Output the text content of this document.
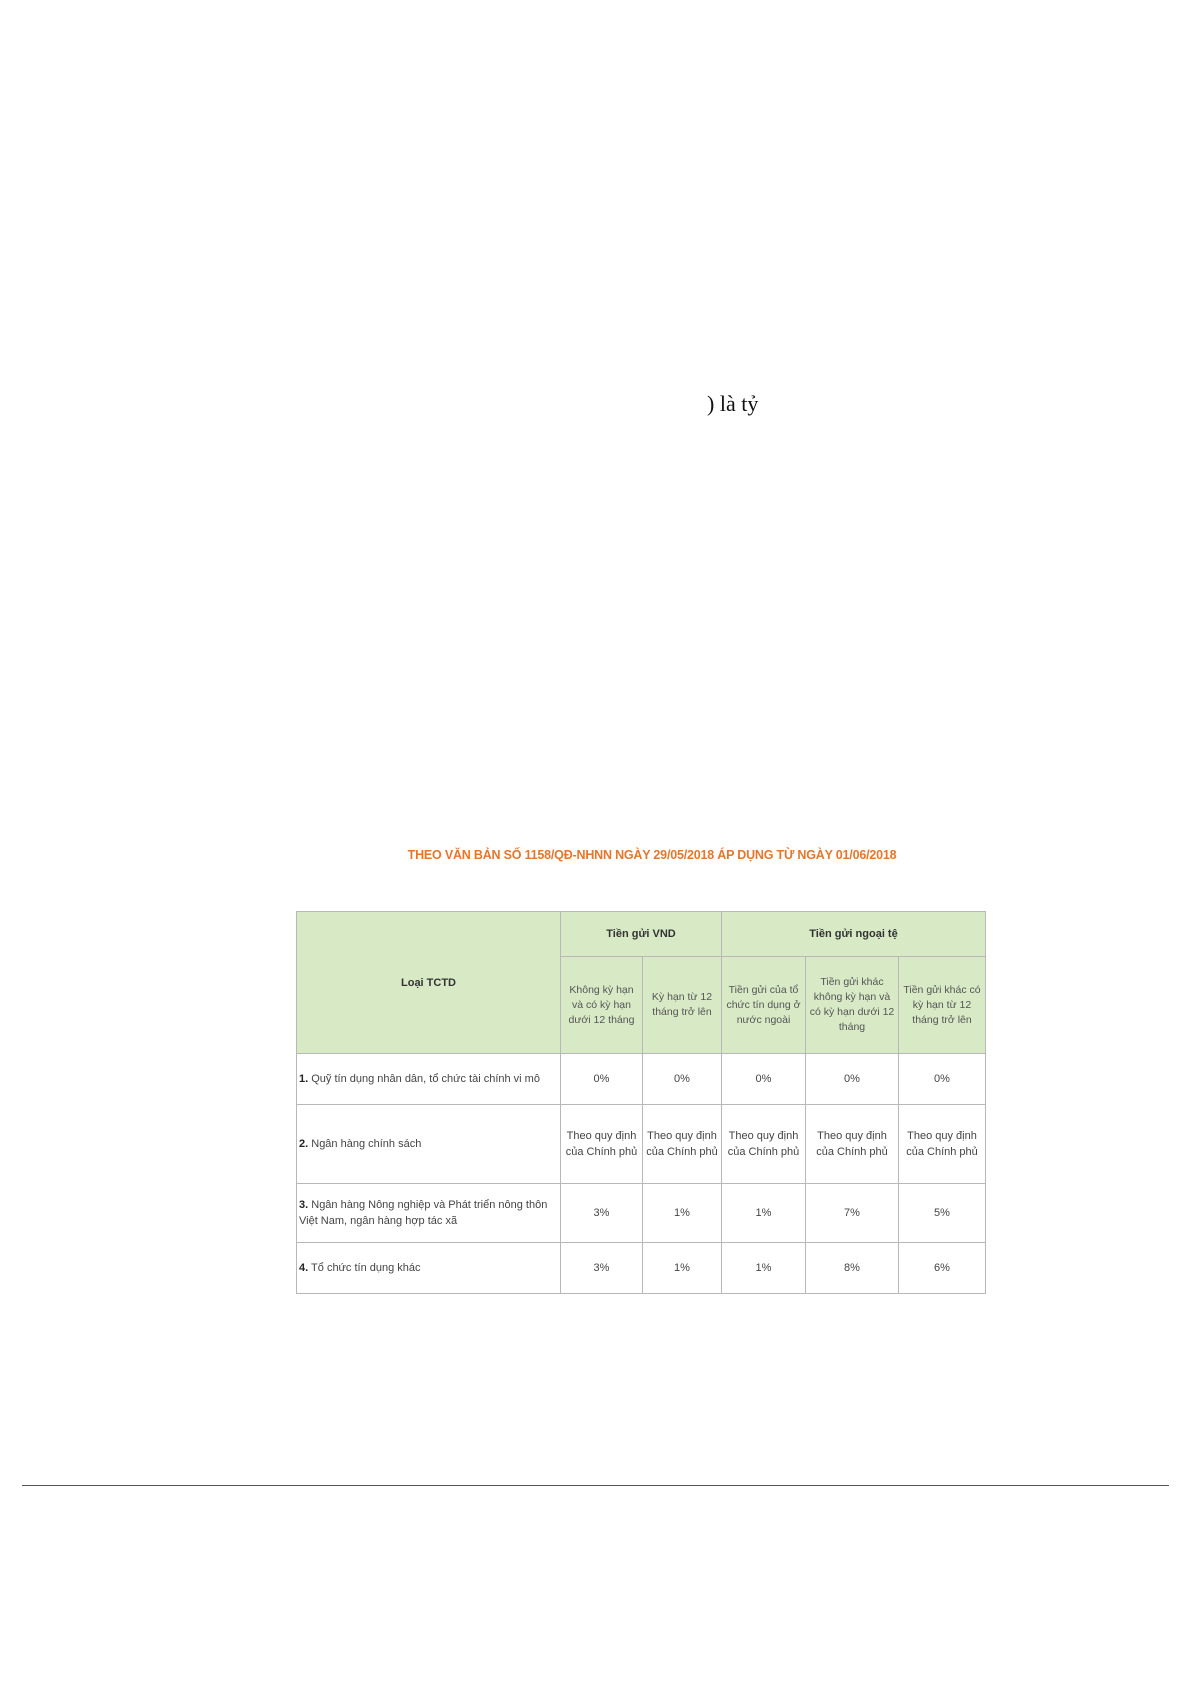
) là tỷ
THEO VĂN BẢN SỐ 1158/QĐ-NHNN NGÀY 29/05/2018 ÁP DỤNG TỪ NGÀY 01/06/2018
Loại TCTD	Tiền gửi VND		Tiền gửi ngoại tệ		
	Không kỳ hạn và có kỳ hạn dưới 12 tháng	Kỳ hạn từ 12 tháng trở lên	Tiền gửi của tổ chức tín dụng ở nước ngoài	Tiền gửi khác không kỳ hạn và có kỳ hạn dưới 12 tháng	Tiền gửi khác có kỳ hạn từ 12 tháng trở lên
1. Quỹ tín dụng nhân dân, tổ chức tài chính vi mô	0%	0%	0%	0%	0%
2. Ngân hàng chính sách	Theo quy định của Chính phủ	Theo quy định của Chính phủ	Theo quy định của Chính phủ	Theo quy định của Chính phủ	Theo quy định của Chính phủ
3. Ngân hàng Nông nghiệp và Phát triển nông thôn Việt Nam, ngân hàng hợp tác xã	3%	1%	1%	7%	5%
4. Tổ chức tín dụng khác	3%	1%	1%	8%	6%
